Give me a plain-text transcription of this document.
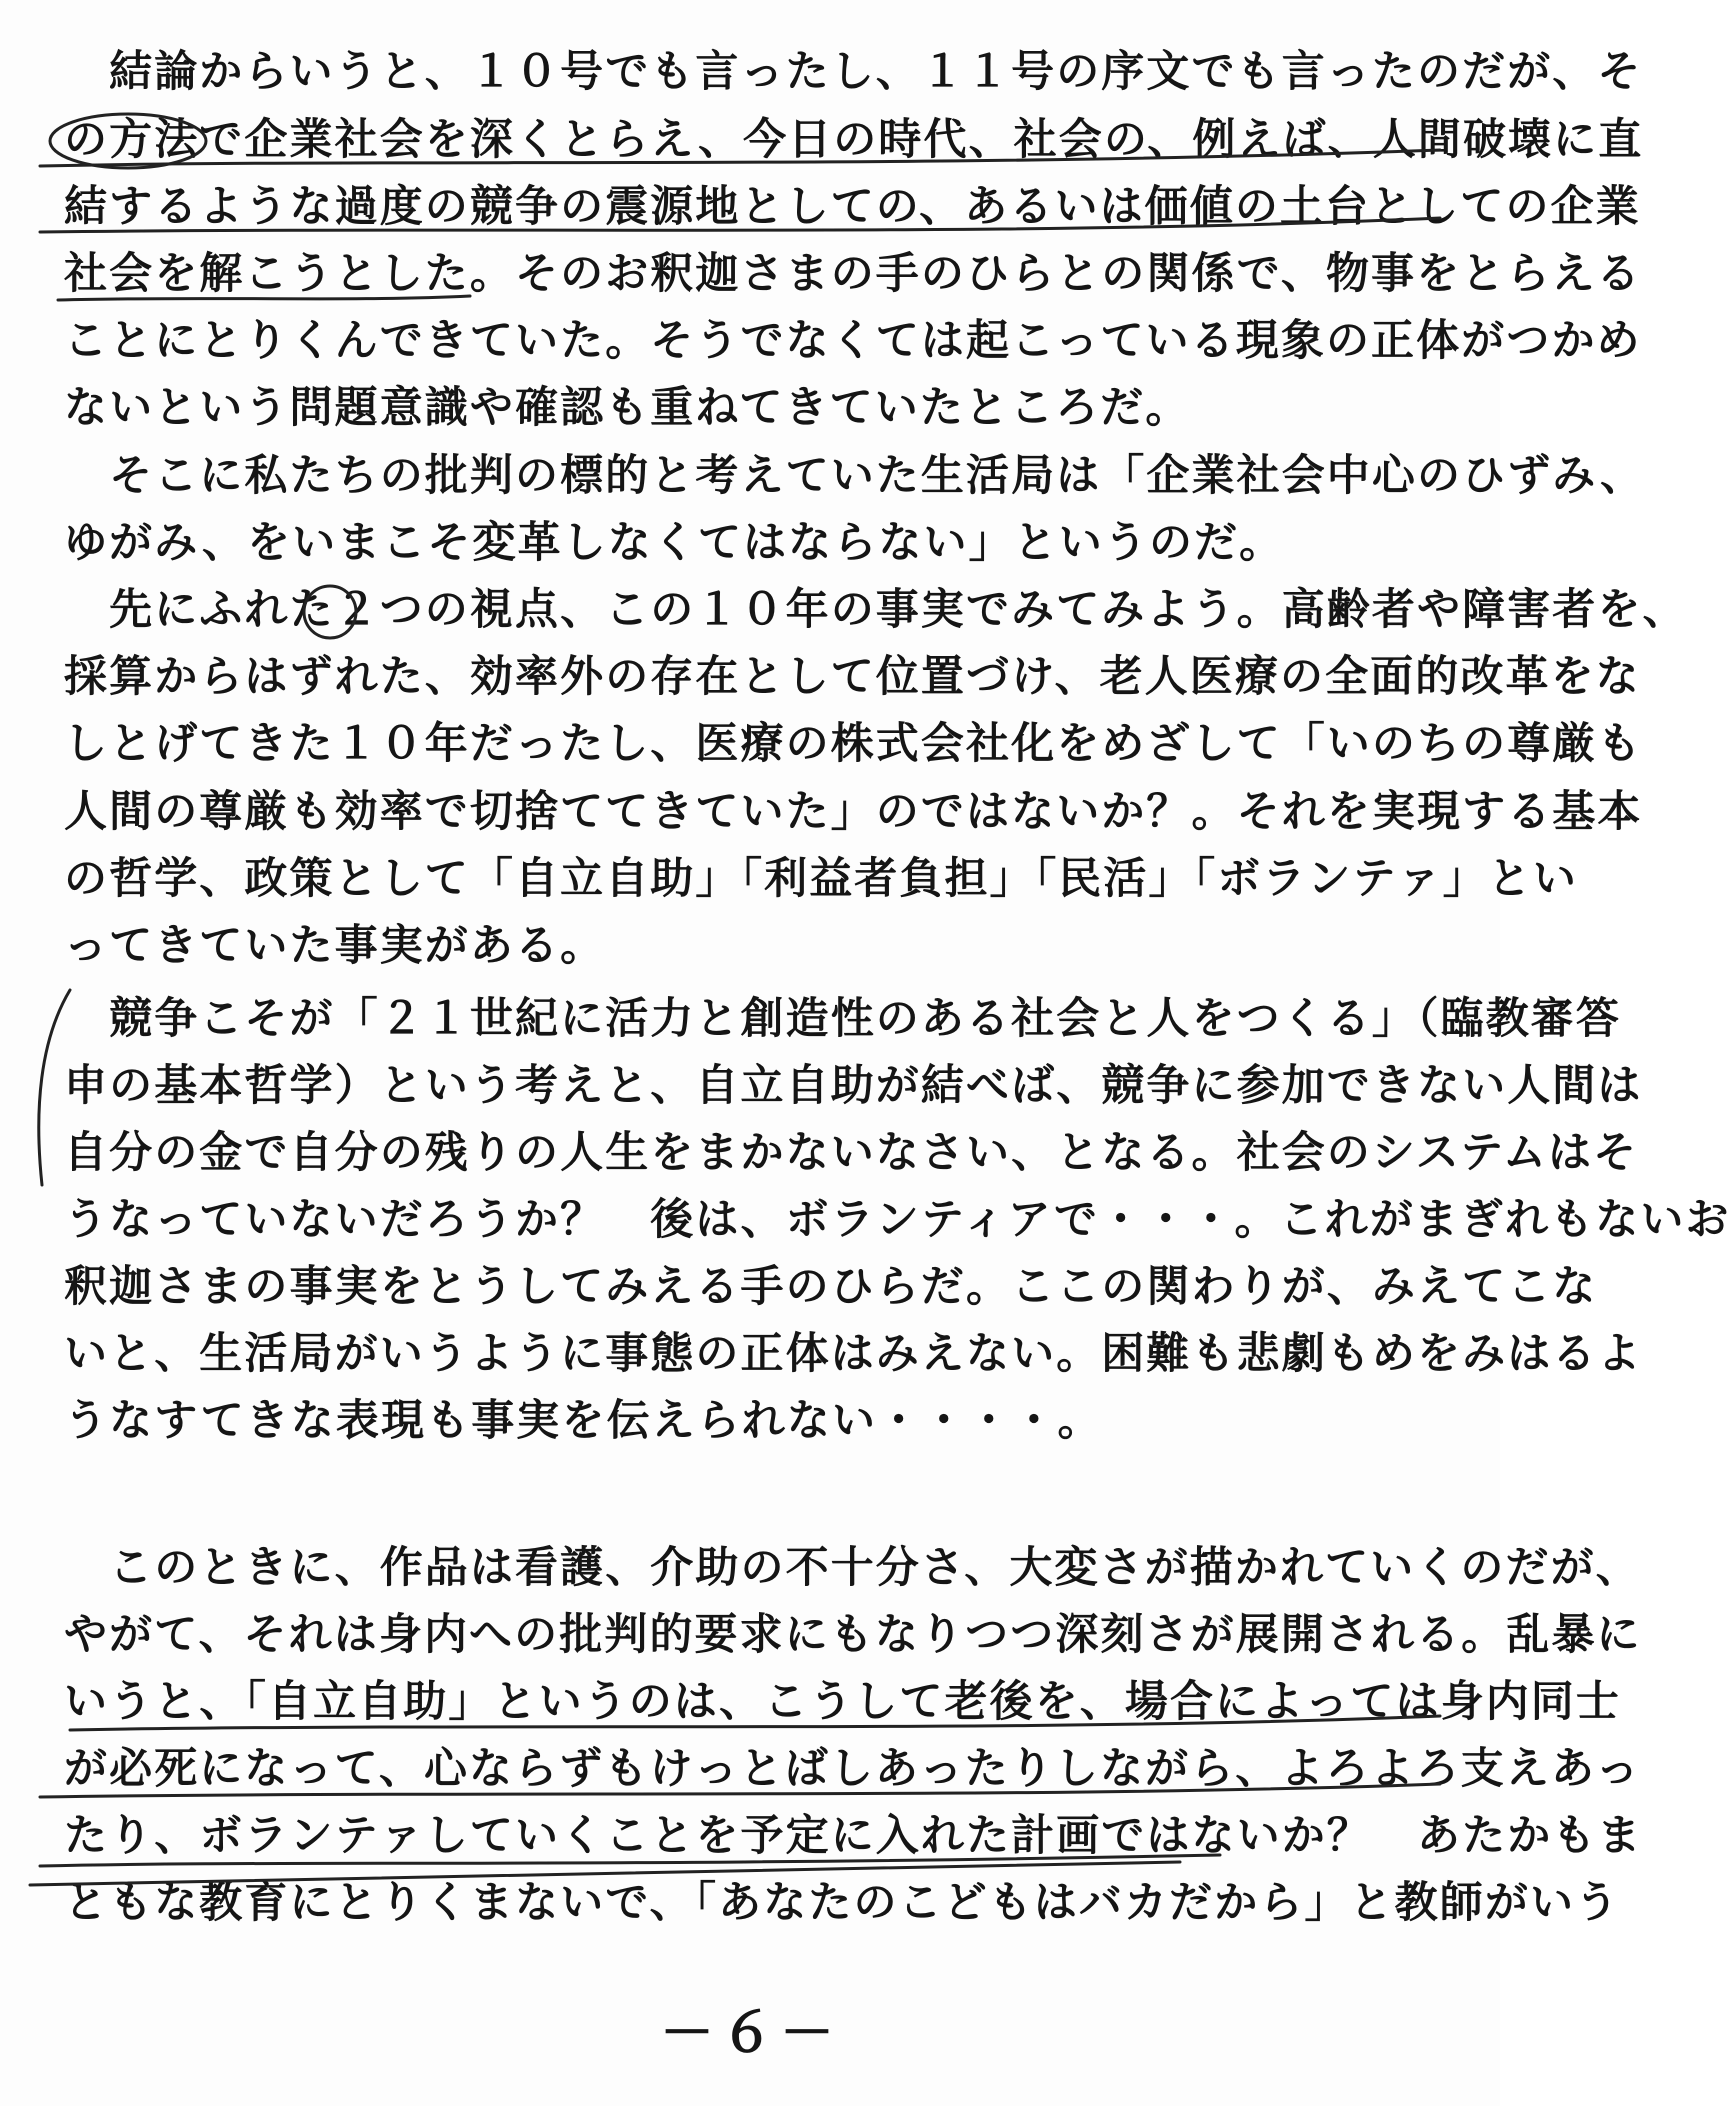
　結論からいうと、１０号でも言ったし、１１号の序文でも言ったのだが、そ

の方法で企業社会を深くとらえ、今日の時代、社会の、例えば、人間破壊に直

結するような過度の競争の震源地としての、あるいは価値の土台としての企業

社会を解こうとした。そのお釈迦さまの手のひらとの関係で、物事をとらえる

ことにとりくんできていた。そうでなくては起こっている現象の正体がつかめ

ないという問題意識や確認も重ねてきていたところだ。

　そこに私たちの批判の標的と考えていた生活局は「企業社会中心のひずみ、

ゆがみ、をいまこそ変革しなくてはならない」というのだ。

　先にふれた２つの視点、この１０年の事実でみてみよう。高齢者や障害者を、

採算からはずれた、効率外の存在として位置づけ、老人医療の全面的改革をな

しとげてきた１０年だったし、医療の株式会社化をめざして「いのちの尊厳も

人間の尊厳も効率で切捨ててきていた」のではないか？。それを実現する基本

の哲学、政策として「自立自助」「利益者負担」「民活」「ボランテァ」とい

ってきていた事実がある。

　競争こそが「２１世紀に活力と創造性のある社会と人をつくる」（臨教審答

申の基本哲学）という考えと、自立自助が結べば、競争に参加できない人間は

自分の金で自分の残りの人生をまかないなさい、となる。社会のシステムはそ

うなっていないだろうか？　後は、ボランティアで・・・。これがまぎれもないお

釈迦さまの事実をとうしてみえる手のひらだ。ここの関わりが、みえてこな

いと、生活局がいうように事態の正体はみえない。困難も悲劇もめをみはるよ

うなすてきな表現も事実を伝えられない・・・・。

　このときに、作品は看護、介助の不十分さ、大変さが描かれていくのだが、

やがて、それは身内への批判的要求にもなりつつ深刻さが展開される。乱暴に

いうと、「自立自助」というのは、こうして老後を、場合によっては身内同士

が必死になって、心ならずもけっとばしあったりしながら、よろよろ支えあっ

たり、ボランテァしていくことを予定に入れた計画ではないか？　あたかもま

ともな教育にとりくまないで、「あなたのこどもはバカだから」と教師がいう

－６－
